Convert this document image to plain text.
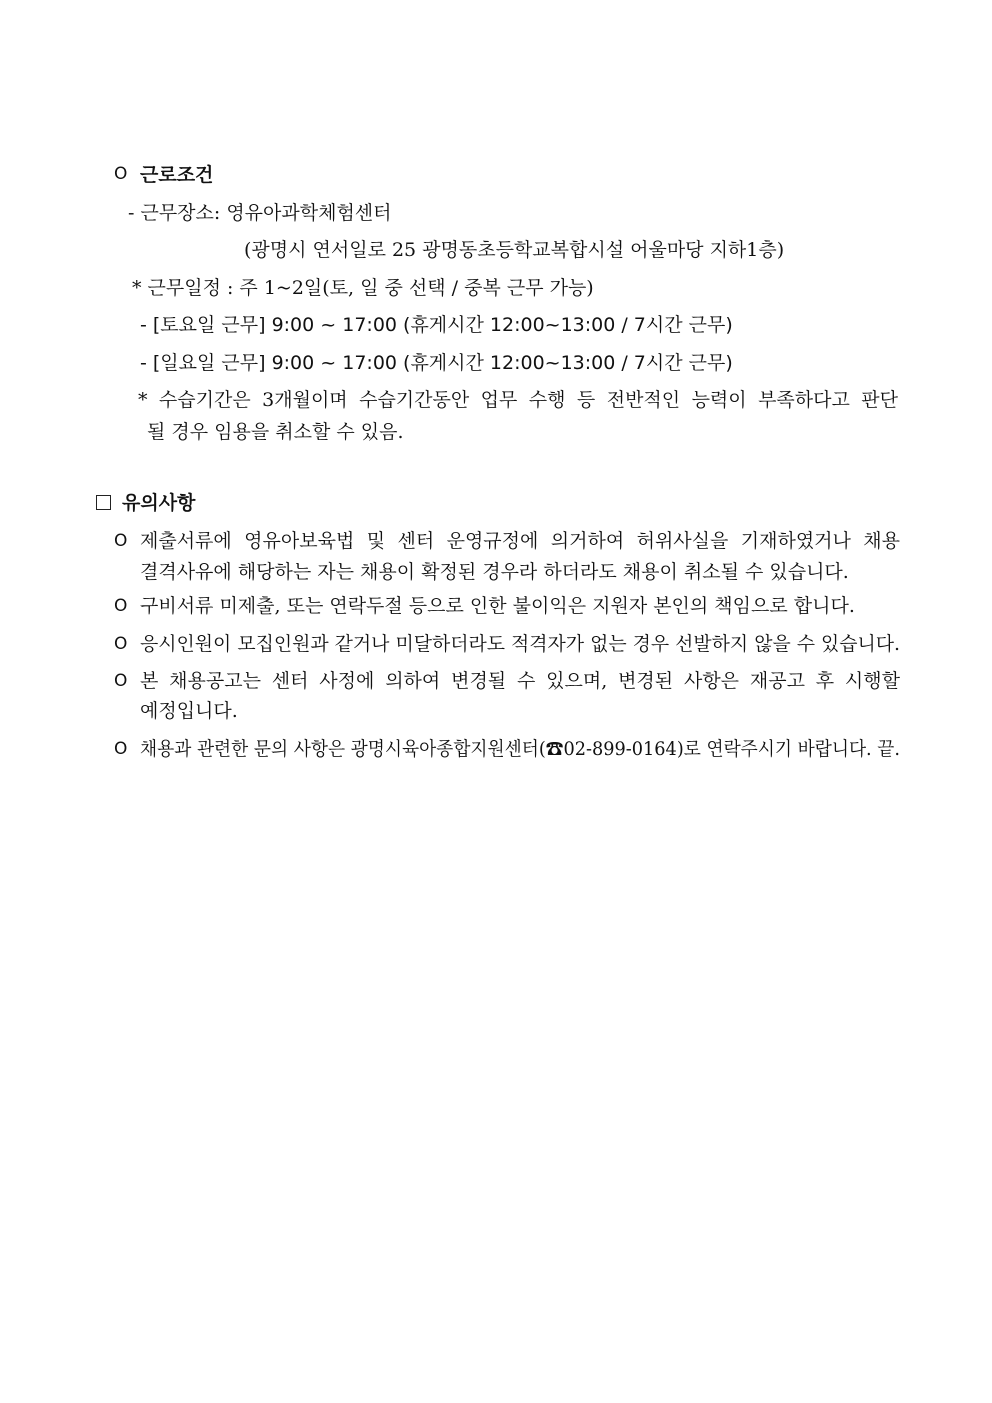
O 근로조건
- 근무장소: 영유아과학체험센터
(광명시 연서일로 25 광명동초등학교복합시설 어울마당 지하1층)
* 근무일정 : 주 1~2일(토, 일 중 선택 / 중복 근무 가능)
- [토요일 근무] 9:00 ~ 17:00 (휴게시간 12:00~13:00 / 7시간 근무)
- [일요일 근무] 9:00 ~ 17:00 (휴게시간 12:00~13:00 / 7시간 근무)
* 수습기간은 3개월이며 수습기간동안 업무 수행 등 전반적인 능력이 부족하다고 판단
될 경우 임용을 취소할 수 있음.
유의사항
O 제출서류에 영유아보육법 및 센터 운영규정에 의거하여 허위사실을 기재하였거나 채용
결격사유에 해당하는 자는 채용이 확정된 경우라 하더라도 채용이 취소될 수 있습니다.
O 구비서류 미제출, 또는 연락두절 등으로 인한 불이익은 지원자 본인의 책임으로 합니다.
O 응시인원이 모집인원과 같거나 미달하더라도 적격자가 없는 경우 선발하지 않을 수 있습니다.
O 본 채용공고는 센터 사정에 의하여 변경될 수 있으며, 변경된 사항은 재공고 후 시행할
예정입니다.
O 채용과 관련한 문의 사항은 광명시육아종합지원센터(☎02-899-0164)로 연락주시기 바랍니다. 끝.
